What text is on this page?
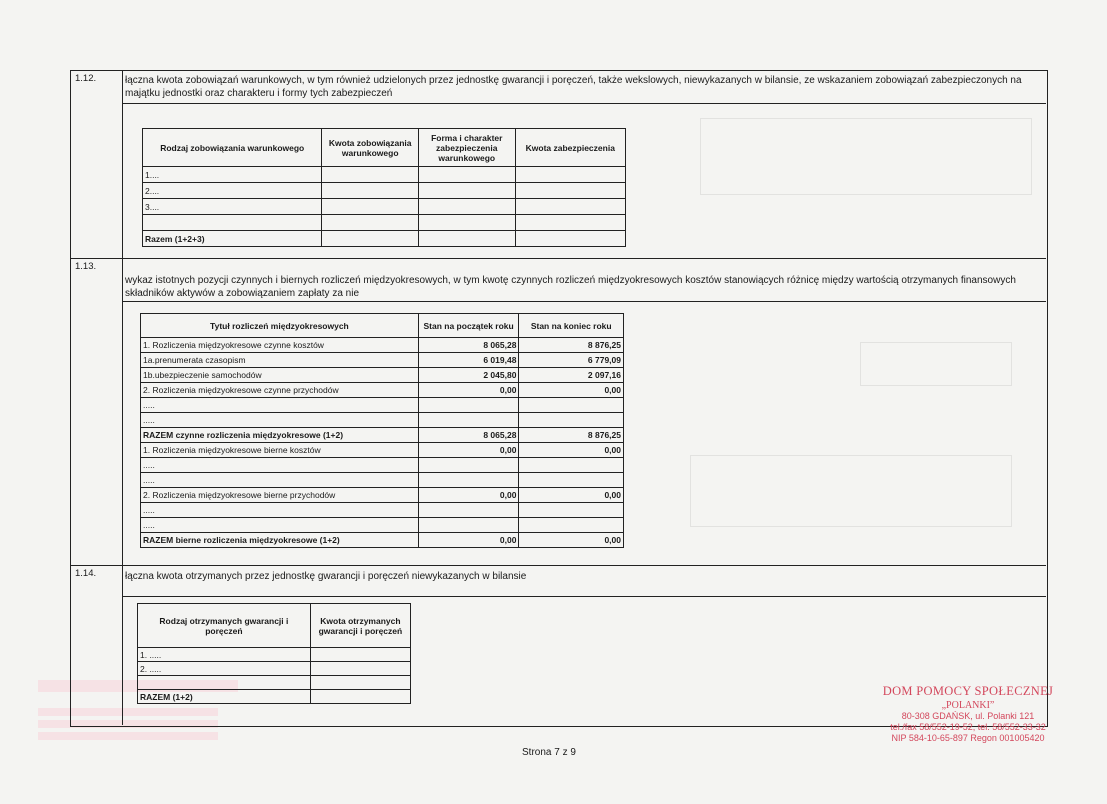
1.12.	łączna kwota zobowiązań warunkowych, w tym również udzielonych przez jednostkę gwarancji i poręczeń, także wekslowych, niewykazanych w bilansie, ze wskazaniem zobowiązań zabezpieczonych na majątku jednostki oraz charakteru i formy tych zabezpieczeń
Rodzaj zobowiązania warunkowego	Kwota zobowiązania warunkowego	Forma i charakter zabezpieczenia warunkowego	Kwota zabezpieczenia
1....			
2....			
3....			

Razem (1+2+3)			
1.13.
wykaz istotnych pozycji czynnych i biernych rozliczeń międzyokresowych, w tym kwotę czynnych rozliczeń międzyokresowych kosztów stanowiących różnicę między wartością otrzymanych finansowych składników aktywów a zobowiązaniem zapłaty za nie
Tytuł rozliczeń międzyokresowych	Stan na początek roku	Stan na koniec roku
1. Rozliczenia międzyokresowe czynne kosztów	8 065,28	8 876,25
1a.prenumerata czasopism	6 019,48	6 779,09
1b.ubezpieczenie samochodów	2 045,80	2 097,16
2. Rozliczenia międzyokresowe czynne przychodów	0,00	0,00
.....		
.....		
RAZEM czynne rozliczenia międzyokresowe (1+2)	8 065,28	8 876,25
1. Rozliczenia międzyokresowe bierne kosztów	0,00	0,00
.....		
.....		
2. Rozliczenia międzyokresowe bierne przychodów	0,00	0,00
.....		
.....		
RAZEM bierne rozliczenia międzyokresowe (1+2)	0,00	0,00
1.14.	łączna kwota otrzymanych przez jednostkę gwarancji i poręczeń niewykazanych w bilansie
Rodzaj otrzymanych gwarancji i poręczeń	Kwota otrzymanych gwarancji i poręczeń
1. .....	
2. .....	

RAZEM (1+2)	
Strona 7 z 9
DOM POMOCY SPOŁECZNEJ
„POLANKI”
80-308 GDAŃSK, ul. Polanki 121
tel./fax 58/552-19-52, tel. 58/552-33-32
NIP 584-10-65-897 Regon 001005420
